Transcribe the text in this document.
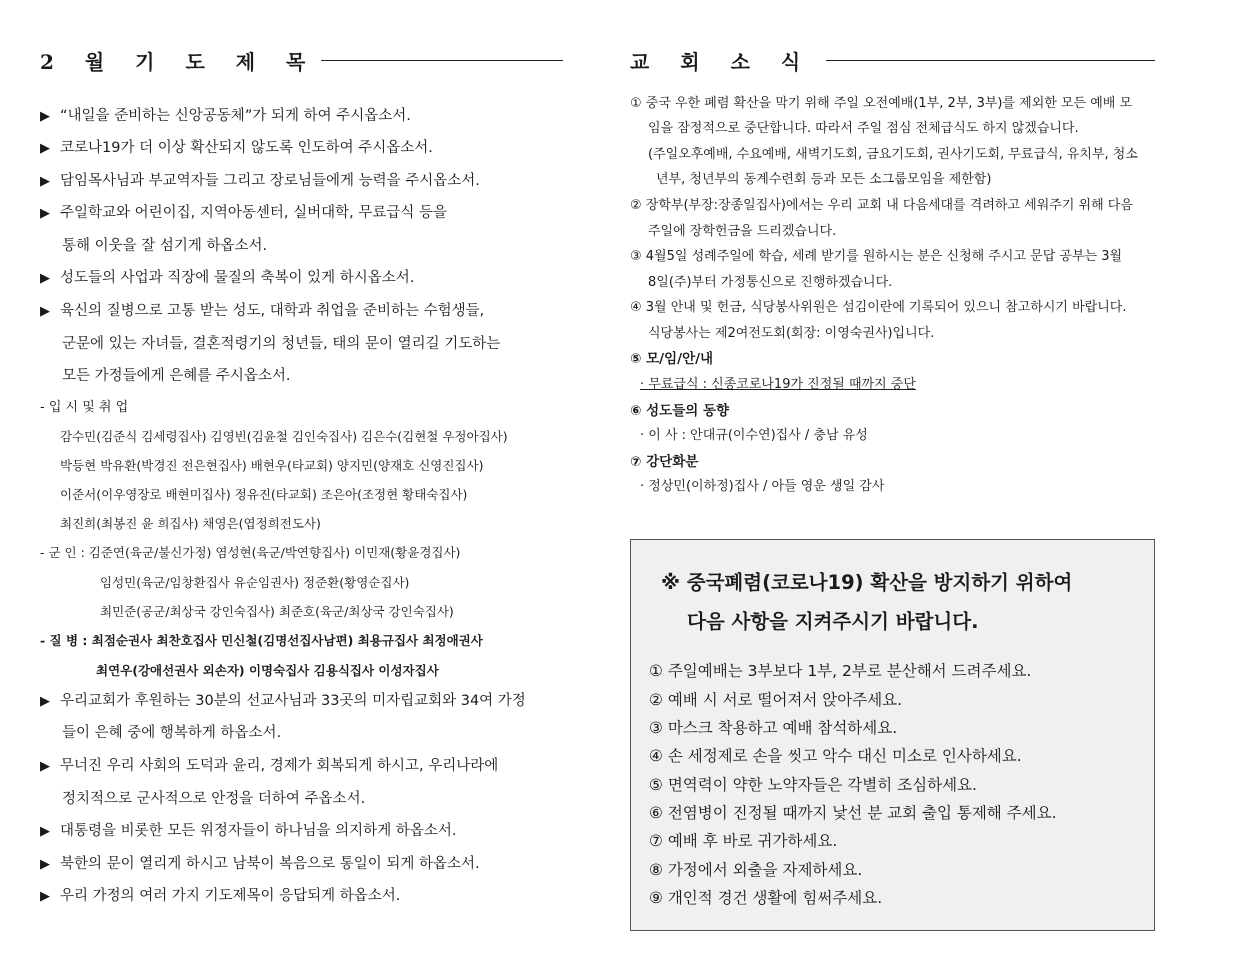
2 월 기 도 제 목
▶ “내일을 준비하는 신앙공동체”가 되게 하여 주시옵소서.
▶ 코로나19가 더 이상 확산되지 않도록 인도하여 주시옵소서.
▶ 담임목사님과 부교역자들 그리고 장로님들에게 능력을 주시옵소서.
▶ 주일학교와 어린이집, 지역아동센터, 실버대학, 무료급식 등을
통해 이웃을 잘 섬기게 하옵소서.
▶ 성도들의 사업과 직장에 물질의 축복이 있게 하시옵소서.
▶ 육신의 질병으로 고통 받는 성도, 대학과 취업을 준비하는 수험생들,
군문에 있는 자녀들, 결혼적령기의 청년들, 태의 문이 열리길 기도하는
모든 가정들에게 은혜를 주시옵소서.
- 입 시 및 취 업
감수민(김준식 김세령집사) 김영빈(김윤철 김인숙집사) 김은수(김현철 우정아집사)
박등현 박유환(박경진 전은현집사) 배현우(타교회) 양지민(양재호 신영진집사)
이준서(이우영장로 배현미집사) 정유진(타교회) 조은아(조정현 황태숙집사)
최진희(최봉진 윤 희집사) 채영은(엽정희전도사)
- 군 인 : 김준연(육군/불신가정) 염성현(육군/박연향집사) 이민재(황윤경집사)
임성민(육군/임창환집사 유순임권사) 정준환(황영순집사)
최민준(공군/최상국 강인숙집사) 최준호(육군/최상국 강인숙집사)
- 질 병 : 최점순권사 최찬호집사 민신철(김명선집사남편) 최용규집사 최정애권사
최연우(강애선권사 외손자) 이명숙집사 김용식집사 이성자집사
▶ 우리교회가 후원하는 30분의 선교사님과 33곳의 미자립교회와 34여 가정
들이 은혜 중에 행복하게 하옵소서.
▶ 무너진 우리 사회의 도덕과 윤리, 경제가 회복되게 하시고, 우리나라에
정치적으로 군사적으로 안정을 더하여 주옵소서.
▶ 대통령을 비롯한 모든 위정자들이 하나님을 의지하게 하옵소서.
▶ 북한의 문이 열리게 하시고 남북이 복음으로 통일이 되게 하옵소서.
▶ 우리 가정의 여러 가지 기도제목이 응답되게 하옵소서.
교 회 소 식
① 중국 우한 폐렴 확산을 막기 위해 주일 오전예배(1부, 2부, 3부)를 제외한 모든 예배 모
임을 잠정적으로 중단합니다. 따라서 주일 점심 전체급식도 하지 않겠습니다.
(주일오후예배, 수요예배, 새벽기도회, 금요기도회, 권사기도회, 무료급식, 유치부, 청소
년부, 청년부의 동계수련회 등과 모든 소그룹모임을 제한함)
② 장학부(부장:장종일집사)에서는 우리 교회 내 다음세대를 격려하고 세워주기 위해 다음
주일에 장학헌금을 드리겠습니다.
③ 4월5일 성례주일에 학습, 세례 받기를 원하시는 분은 신청해 주시고 문답 공부는 3월
8일(주)부터 가정통신으로 진행하겠습니다.
④ 3월 안내 및 헌금, 식당봉사위원은 섬김이란에 기록되어 있으니 참고하시기 바랍니다.
식당봉사는 제2여전도회(회장: 이영숙권사)입니다.
⑤ 모/임/안/내
· 무료급식 : 신종코로나19가 진정될 때까지 중단
⑥ 성도들의 동향
· 이 사 : 안대규(이수연)집사 / 충남 유성
⑦ 강단화분
· 정상민(이하정)집사 / 아들 영운 생일 감사
※ 중국폐렴(코로나19) 확산을 방지하기 위하여
다음 사항을 지켜주시기 바랍니다.
① 주일예배는 3부보다 1부, 2부로 분산해서 드려주세요.
② 예배 시 서로 떨어져서 앉아주세요.
③ 마스크 착용하고 예배 참석하세요.
④ 손 세정제로 손을 씻고 악수 대신 미소로 인사하세요.
⑤ 면역력이 약한 노약자들은 각별히 조심하세요.
⑥ 전염병이 진정될 때까지 낯선 분 교회 출입 통제해 주세요.
⑦ 예배 후 바로 귀가하세요.
⑧ 가정에서 외출을 자제하세요.
⑨ 개인적 경건 생활에 힘써주세요.
